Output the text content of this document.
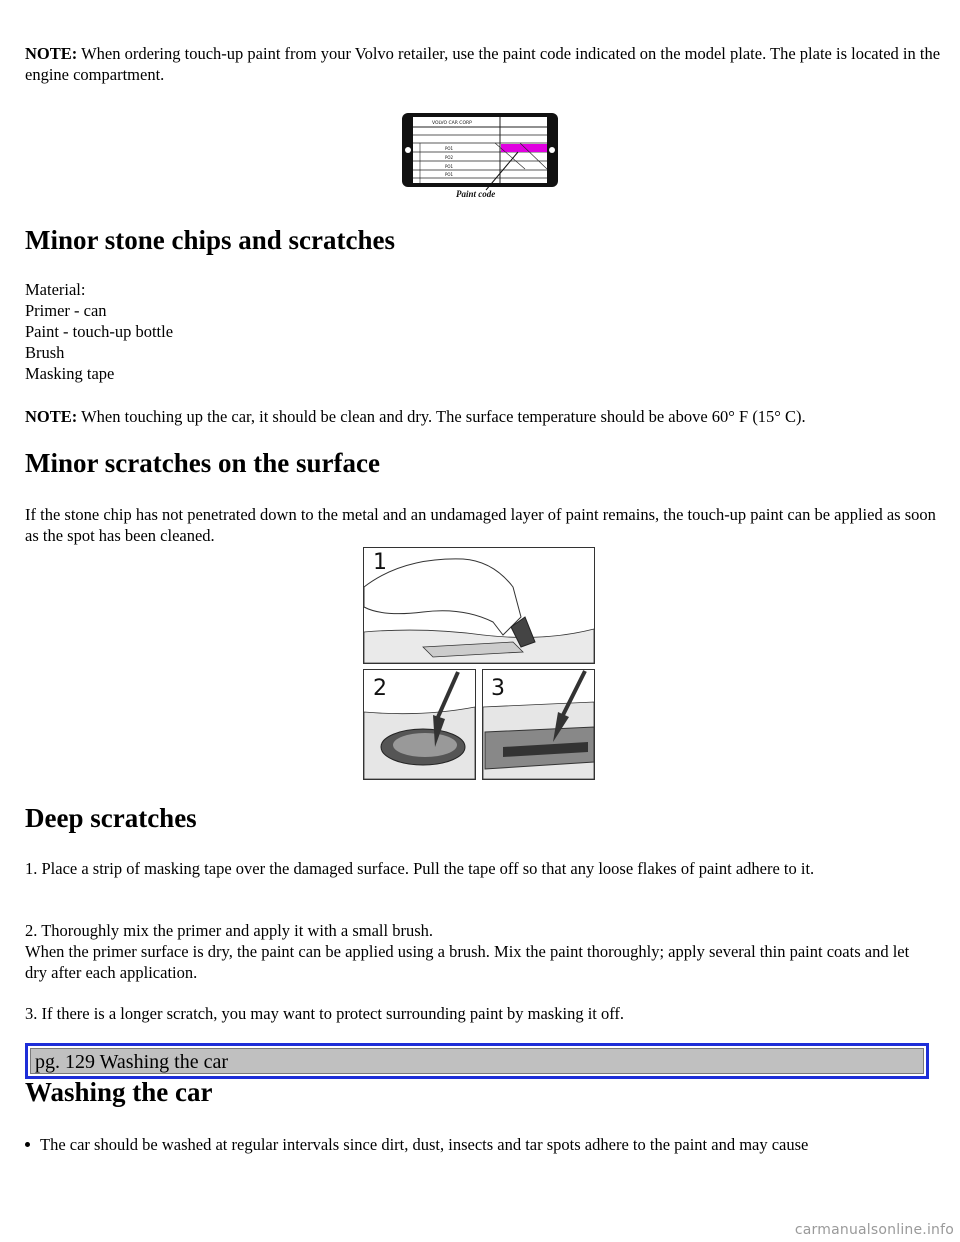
NOTE: When ordering touch-up paint from your Volvo retailer, use the paint code indicated on the model plate. The plate is located in the engine compartment.

VOLVO CAR CORP
PO1
PO2
PO1
PO1
Paint code
Minor stone chips and scratches

Material:

Primer - can

Paint - touch-up bottle

Brush

Masking tape

NOTE: When touching up the car, it should be clean and dry. The surface temperature should be above 60° F (15° C).

Minor scratches on the surface

If the stone chip has not penetrated down to the metal and an undamaged layer of paint remains, the touch-up paint can be applied as soon as the spot has been cleaned.

1
2	3
Deep scratches

1. Place a strip of masking tape over the damaged surface. Pull the tape off so that any loose flakes of paint adhere to it.

2. Thoroughly mix the primer and apply it with a small brush.

When the primer surface is dry, the paint can be applied using a brush. Mix the paint thoroughly; apply several thin paint coats and let dry after each application.

3. If there is a longer scratch, you may want to protect surrounding paint by masking it off.

pg. 129 Washing the car
Washing the car
The car should be washed at regular intervals since dirt, dust, insects and tar spots adhere to the paint and may cause
carmanualsonline.info
